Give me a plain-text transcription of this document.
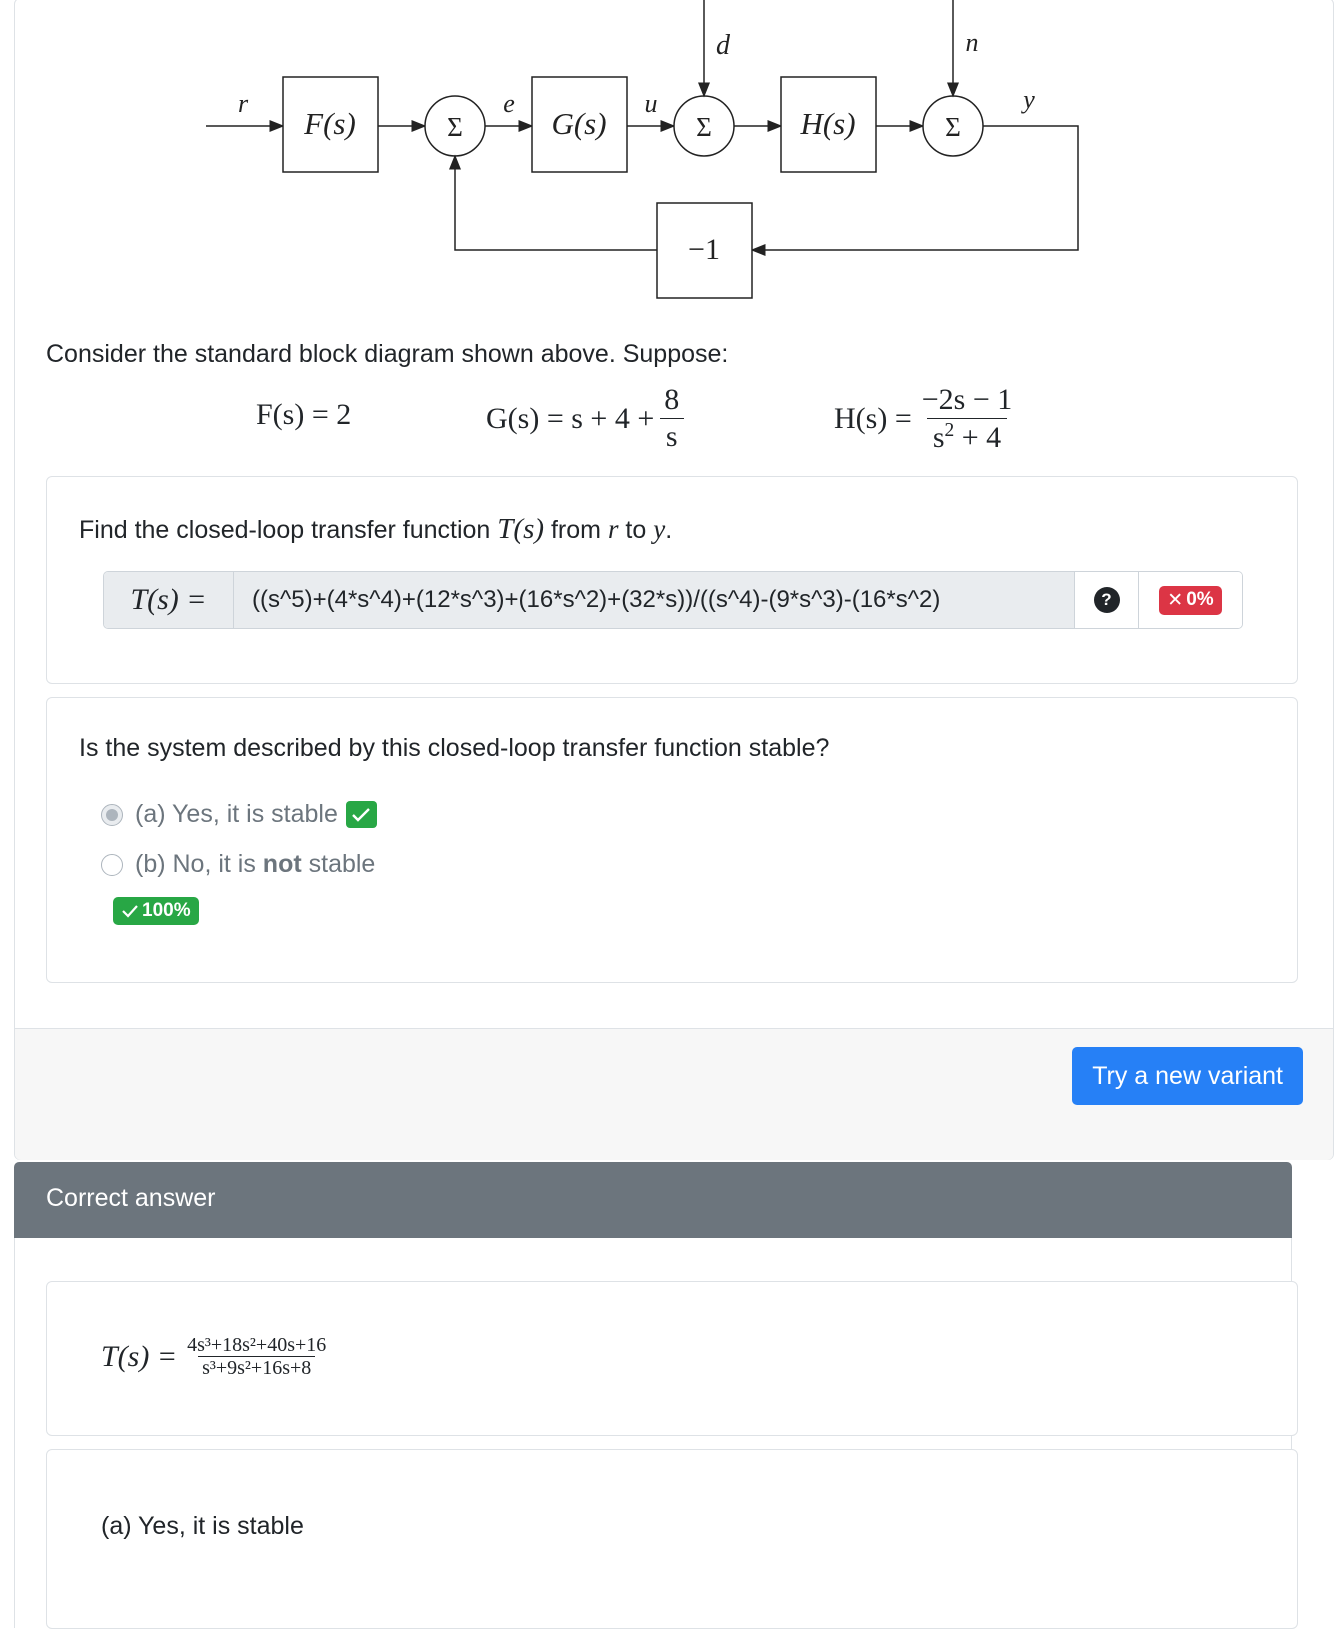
r
F(s)	Σ
e
G(s)
u
Σ
d
H(s)	Σ
n
y
−1
Consider the standard block diagram shown above. Suppose:
F(s) = 2	$G(s) = s + 4 + \frac{8}{s}$	$H(s) = \frac{-2s - 1}{s^2 + 4}$
Find the closed-loop transfer function T(s) from r to y.
T(s) =
((s^5)+(4*s^4)+(12*s^3)+(16*s^2)+(32*s))/((s^4)-(9*s^3)-(16*s^2)	?	✕ 0%
Is the system described by this closed-loop transfer function stable?
(a) Yes, it is stable
(b) No, it is not stable
100%
Try a new variant
Correct answer
$T(s) = \frac{\text{4s³+18s²+40s+16}}{\text{s³+9s²+16s+8}}$
(a) Yes, it is stable
